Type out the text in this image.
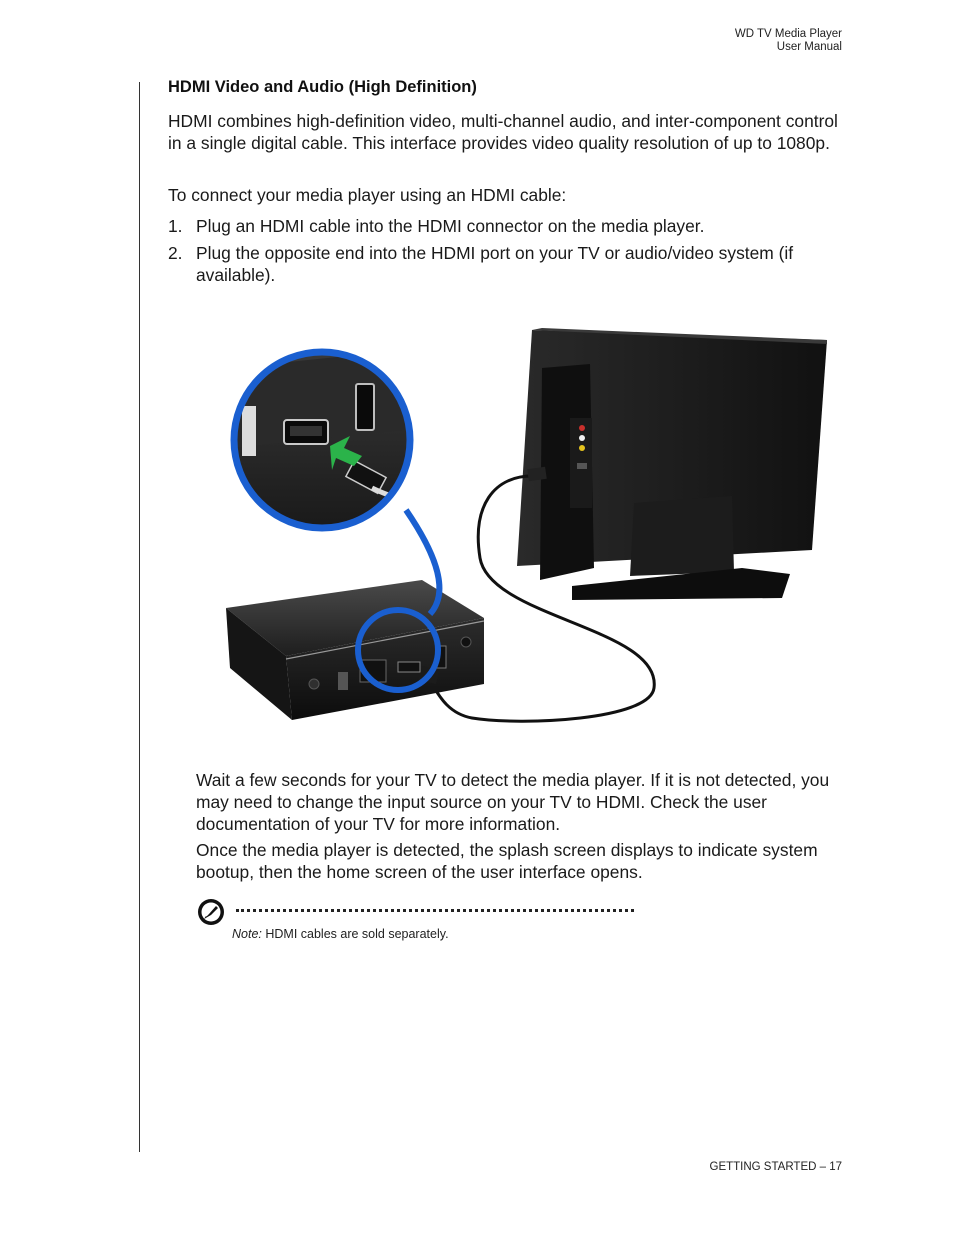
WD TV Media Player
User Manual
HDMI Video and Audio (High Definition)

HDMI combines high-definition video, multi-channel audio, and inter-component control in a single digital cable. This interface provides video quality resolution of up to 1080p.

To connect your media player using an HDMI cable:

1. Plug an HDMI cable into the HDMI connector on the media player.
2. Plug the opposite end into the HDMI port on your TV or audio/video system (if available).

Wait a few seconds for your TV to detect the media player. If it is not detected, you may need to change the input source on your TV to HDMI. Check the user documentation of your TV for more information.

Once the media player is detected, the splash screen displays to indicate system bootup, then the home screen of the user interface opens.

Note: HDMI cables are sold separately.
GETTING STARTED – 17
